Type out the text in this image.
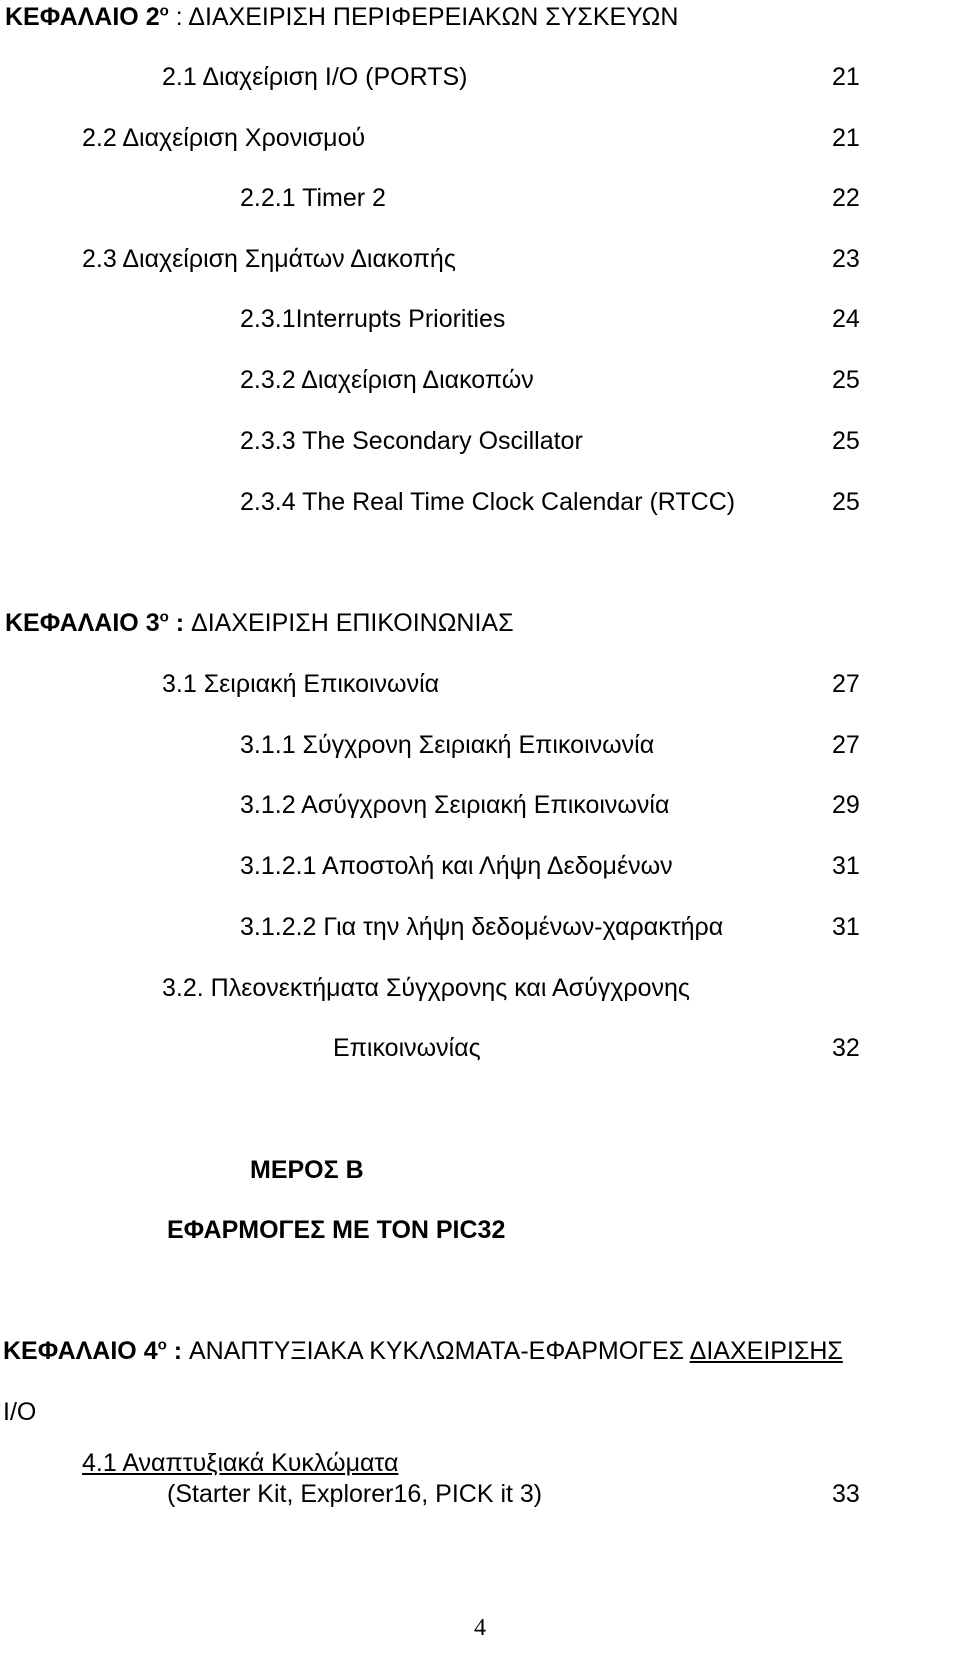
ΚΕΦΑΛΑΙΟ $2^o$ : ΔΙΑΧΕΙΡΙΣΗ ΠΕΡΙΦΕΡΕΙΑΚΩΝ ΣΥΣΚΕΥΩΝ
2.1 Διαχείριση I/O (PORTS)	21
2.2 Διαχείριση Χρονισμού	21
2.2.1 Timer 2	22
2.3 Διαχείριση Σημάτων Διακοπής	23
2.3.1Interrupts Priorities	24
2.3.2 Διαχείριση Διακοπών	25
2.3.3 The Secondary Oscillator	25
2.3.4 The Real Time Clock Calendar (RTCC)	25
ΚΕΦΑΛΑΙΟ $3^o$ : ΔΙΑΧΕΙΡΙΣΗ ΕΠΙΚΟΙΝΩΝΙΑΣ
3.1 Σειριακή Επικοινωνία	27
3.1.1 Σύγχρονη Σειριακή Επικοινωνία	27
3.1.2 Ασύγχρονη Σειριακή Επικοινωνία	29
3.1.2.1 Αποστολή και Λήψη Δεδομένων	31
3.1.2.2 Για την λήψη δεδομένων-χαρακτήρα	31
3.2. Πλεονεκτήματα Σύγχρονης και Ασύγχρονης
Επικοινωνίας	32
ΜΕΡΟΣ Β
ΕΦΑΡΜΟΓΕΣ ΜΕ ΤΟΝ PIC32
ΚΕΦΑΛΑΙΟ $4^o$ : ΑΝΑΠΤΥΞΙΑΚΑ ΚΥΚΛΩΜΑΤΑ-ΕΦΑΡΜΟΓΕΣ ΔΙΑΧΕΙΡΙΣΗΣ
I/O
4.1 Αναπτυξιακά Κυκλώματα
(Starter Kit, Explorer16, PICK it 3)	33
4
